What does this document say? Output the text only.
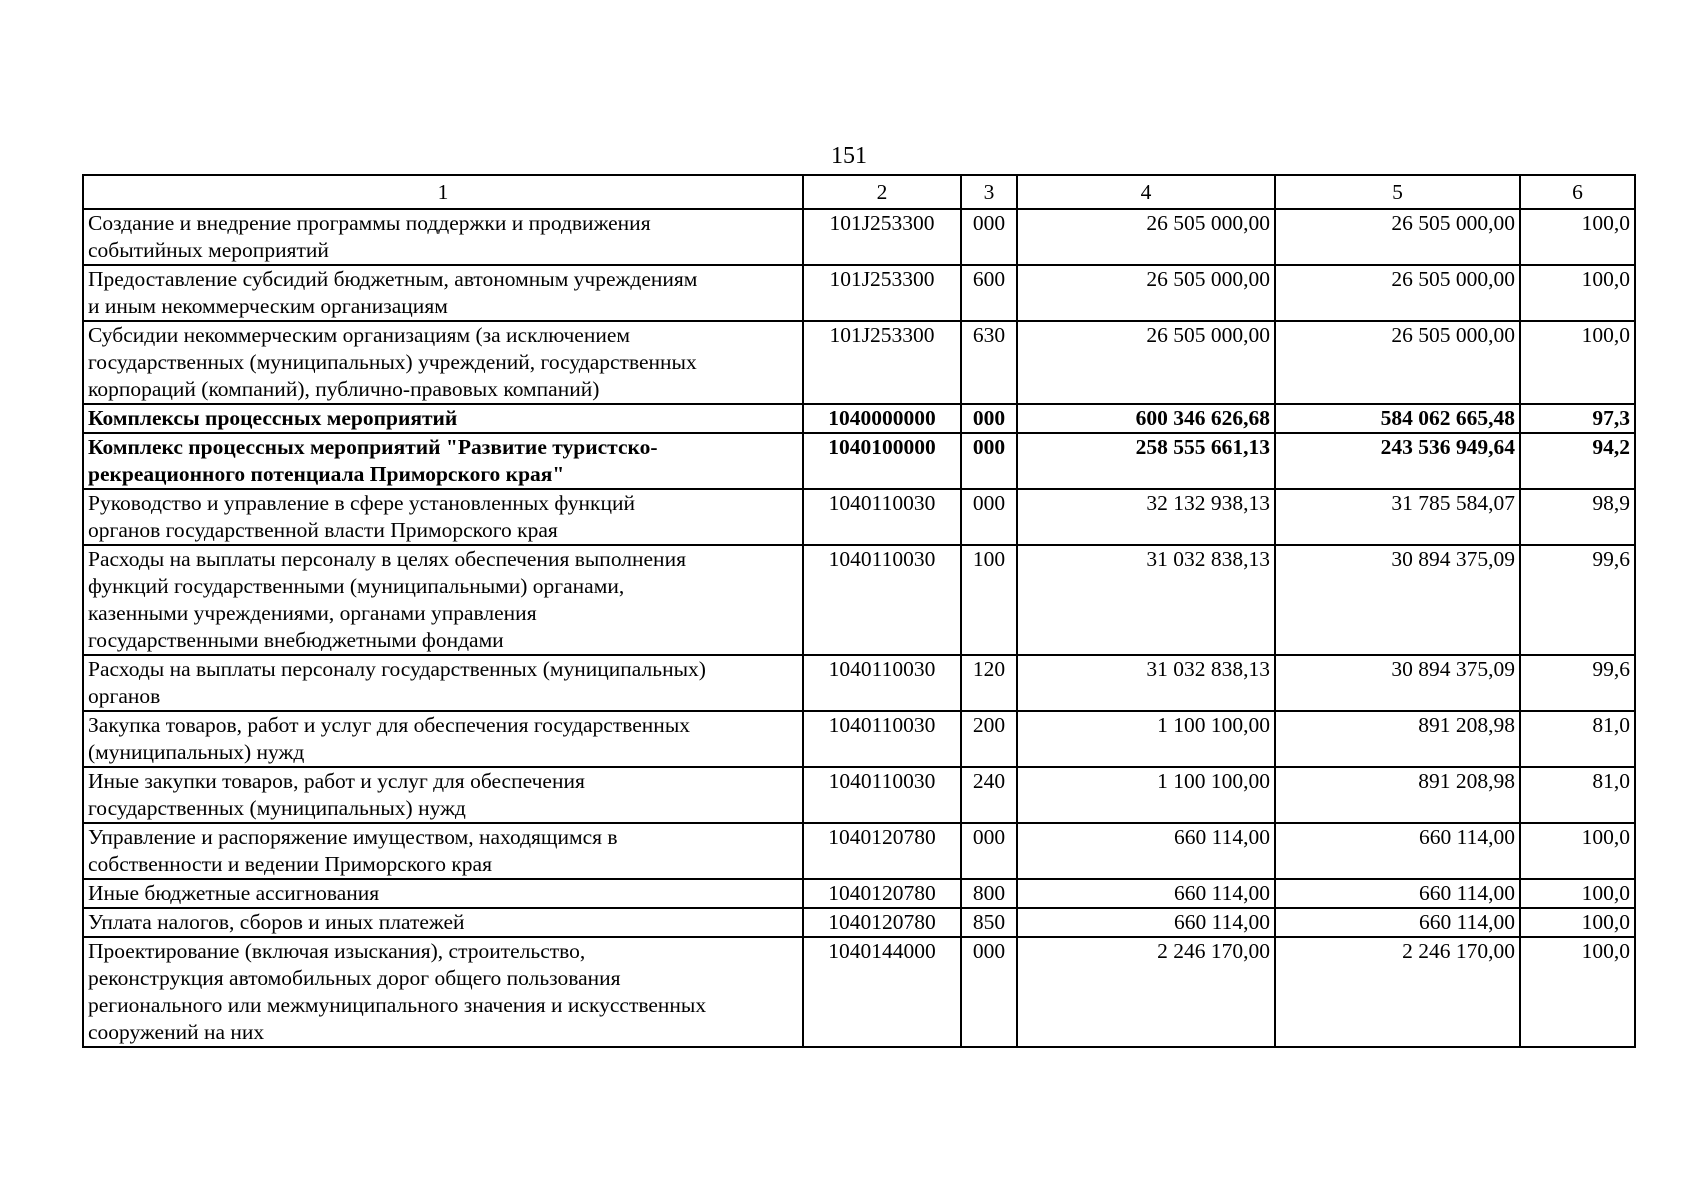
151
1	2	3	4	5	6

Создание и внедрение программы поддержки и продвижения
событийных мероприятий	101J253300	000	26 505 000,00	26 505 000,00	100,0

Предоставление субсидий бюджетным, автономным учреждениям
и иным некоммерческим организациям	101J253300	600	26 505 000,00	26 505 000,00	100,0

Субсидии некоммерческим организациям (за исключением
государственных (муниципальных) учреждений, государственных
корпораций (компаний), публично-правовых компаний)	101J253300	630	26 505 000,00	26 505 000,00	100,0

Комплексы процессных мероприятий	1040000000	000	600 346 626,68	584 062 665,48	97,3

Комплекс процессных мероприятий "Развитие туристско-
рекреационного потенциала Приморского края"	1040100000	000	258 555 661,13	243 536 949,64	94,2

Руководство и управление в сфере установленных функций
органов государственной власти Приморского края	1040110030	000	32 132 938,13	31 785 584,07	98,9

Расходы на выплаты персоналу в целях обеспечения выполнения
функций государственными (муниципальными) органами,
казенными учреждениями, органами управления
государственными внебюджетными фондами	1040110030	100	31 032 838,13	30 894 375,09	99,6

Расходы на выплаты персоналу государственных (муниципальных)
органов	1040110030	120	31 032 838,13	30 894 375,09	99,6

Закупка товаров, работ и услуг для обеспечения государственных
(муниципальных) нужд	1040110030	200	1 100 100,00	891 208,98	81,0

Иные закупки товаров, работ и услуг для обеспечения
государственных (муниципальных) нужд	1040110030	240	1 100 100,00	891 208,98	81,0

Управление и распоряжение имуществом, находящимся в
собственности и ведении Приморского края	1040120780	000	660 114,00	660 114,00	100,0

Иные бюджетные ассигнования	1040120780	800	660 114,00	660 114,00	100,0

Уплата налогов, сборов и иных платежей	1040120780	850	660 114,00	660 114,00	100,0

Проектирование (включая изыскания), строительство,
реконструкция автомобильных дорог общего пользования
регионального или межмуниципального значения и искусственных
сооружений на них	1040144000	000	2 246 170,00	2 246 170,00	100,0
